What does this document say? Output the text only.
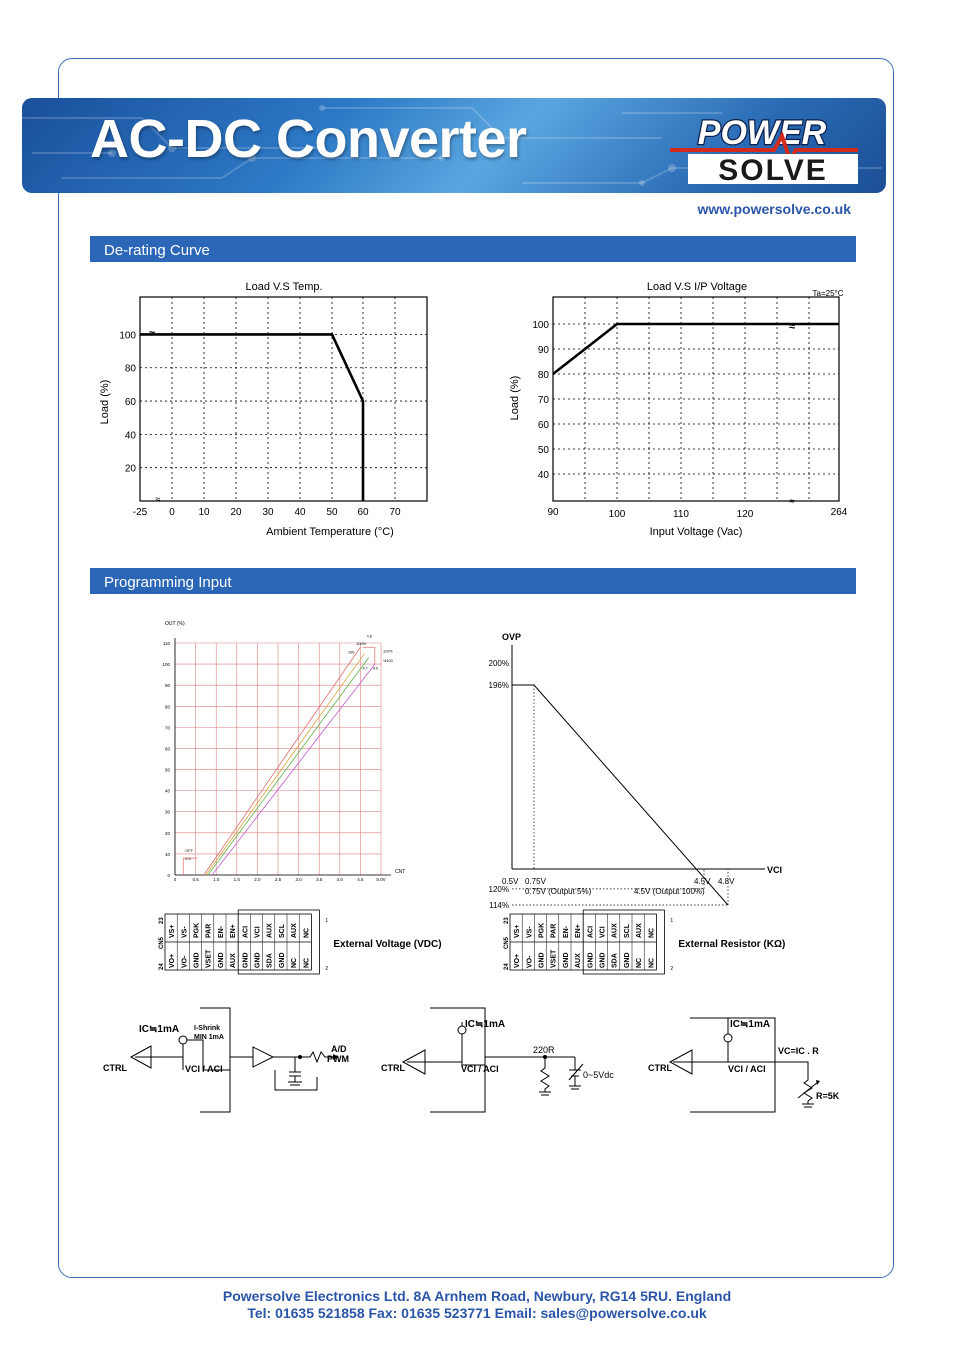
AC-DC Converter	POWER
SOLVE
www.powersolve.co.uk
De-rating Curve
Programming Input
Load V.S Temp.
Ambient Temperature (°C)
Load (%)
-25 0 10 20 30 40 50 60 70
20
40
60
80
100 ≈
≈
Load V.S I/P Voltage
Ta=25°C
Input Voltage (Vac)
Load (%)
90	100	110	120	264
40
50
60
70
80
90
100	≈
≈
OUT (%)
CNT
0
10
20
30
40
50
60
70
80
90
100
110
0	0.5	1.0	1.5	2.0	2.5	3.0	3.5	4.0	4.5	5.0V
OFF
0.5
4.8
100%
105	110%
4.7 4.9
%100
OVP
VCI
200%
196%
120%
114%
0.5V 0.75V	4.5V 4.8V
0.75V (Output 5%)	4.5V (Output 100%)
VS+ VS- PGK PAR EN- EN+ ACI VCI AUX SCL AUX NC
VO+ VO- GND VSET GND AUX GND GND SDA GND NC NC
CN5
23
24
1
2
External Voltage (VDC)
VS+ VS- PGK PAR EN- EN+ ACI VCI AUX SCL AUX NC
VO+ VO- GND VSET GND AUX GND GND SDA GND NC NC
CN5
23
24
1
2
External Resistor (KΩ)
IC≒1mA I-Shrink
MIN 1mA
CTRL	VCI / ACI
A/D
PWM
IC≒1mA
CTRL	VCI / ACI
220R
0~5Vdc
IC≒1mA
CTRL	VCI / ACI
VC=IC . R
R=5K
Powersolve Electronics Ltd. 8A Arnhem Road, Newbury, RG14 5RU. England
Tel: 01635 521858 Fax: 01635 523771 Email: sales@powersolve.co.uk
